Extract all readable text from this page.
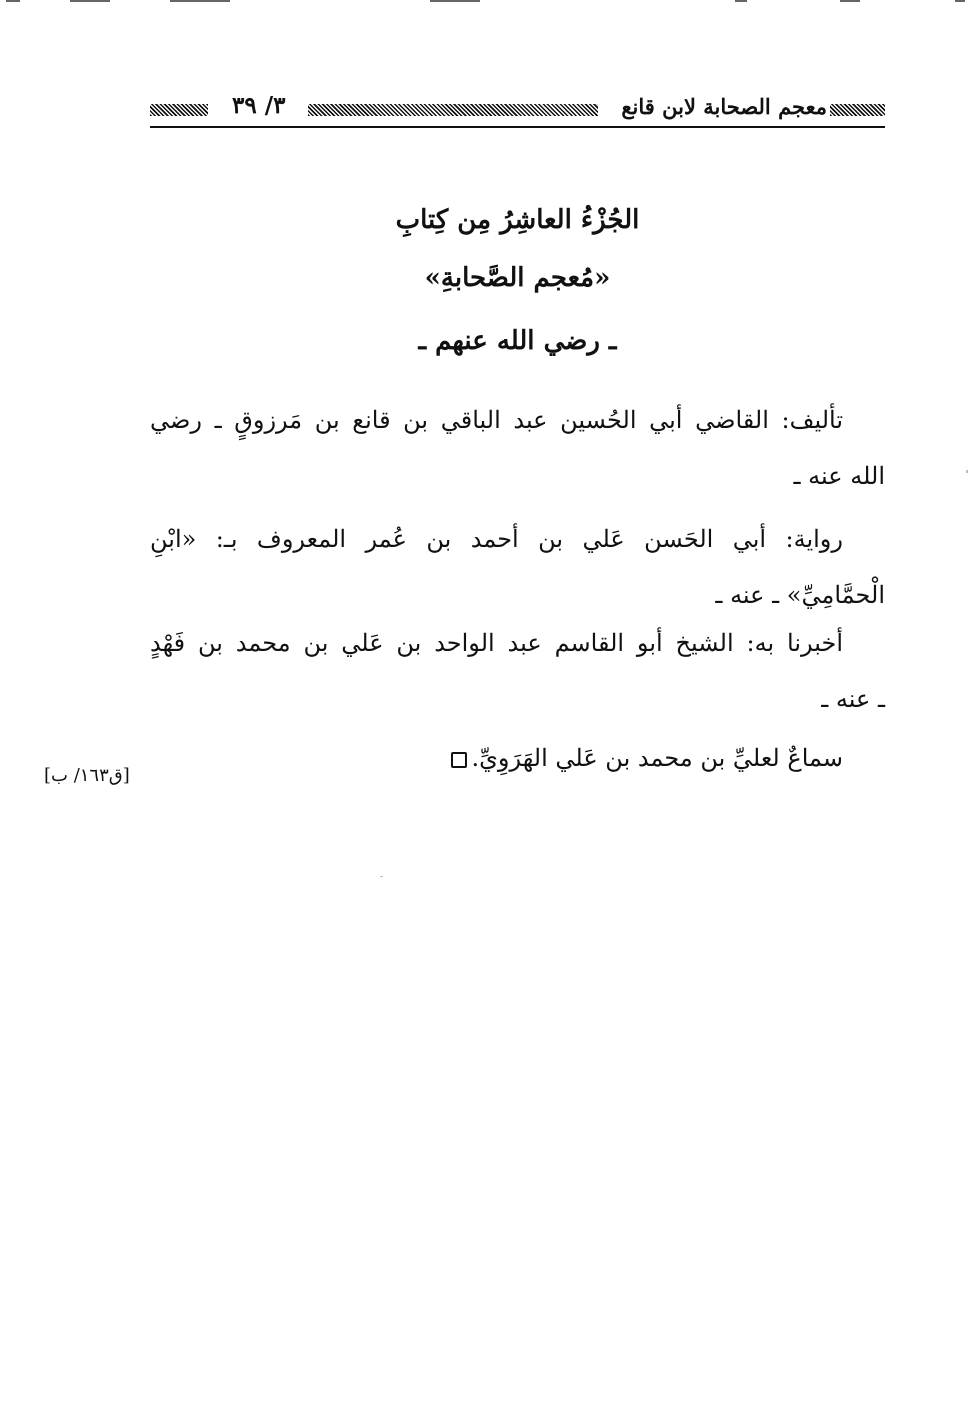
٣/ ٣٩	معجم الصحابة لابن قانع

الجُزْءُ العاشِرُ مِن كِتابِ

«مُعجم الصَّحابةِ»

ـ رضي الله عنهم ـ

تأليف: القاضي أبي الحُسين عبد الباقي بن قانع بن مَرزوقٍ ـ رضي
الله عنه ـ
رواية: أبي الحَسن عَلي بن أحمد بن عُمر المعروف بـ: «ابْنِ
الْحمَّامِيِّ» ـ عنه ـ
أخبرنا به: الشيخ أبو القاسم عبد الواحد بن عَلي بن محمد بن فَهْدٍ
ـ عنه ـ
سماعٌ لعليِّ بن محمد بن عَلي الهَرَوِيِّ.
[ق١٦٣/ ب]
